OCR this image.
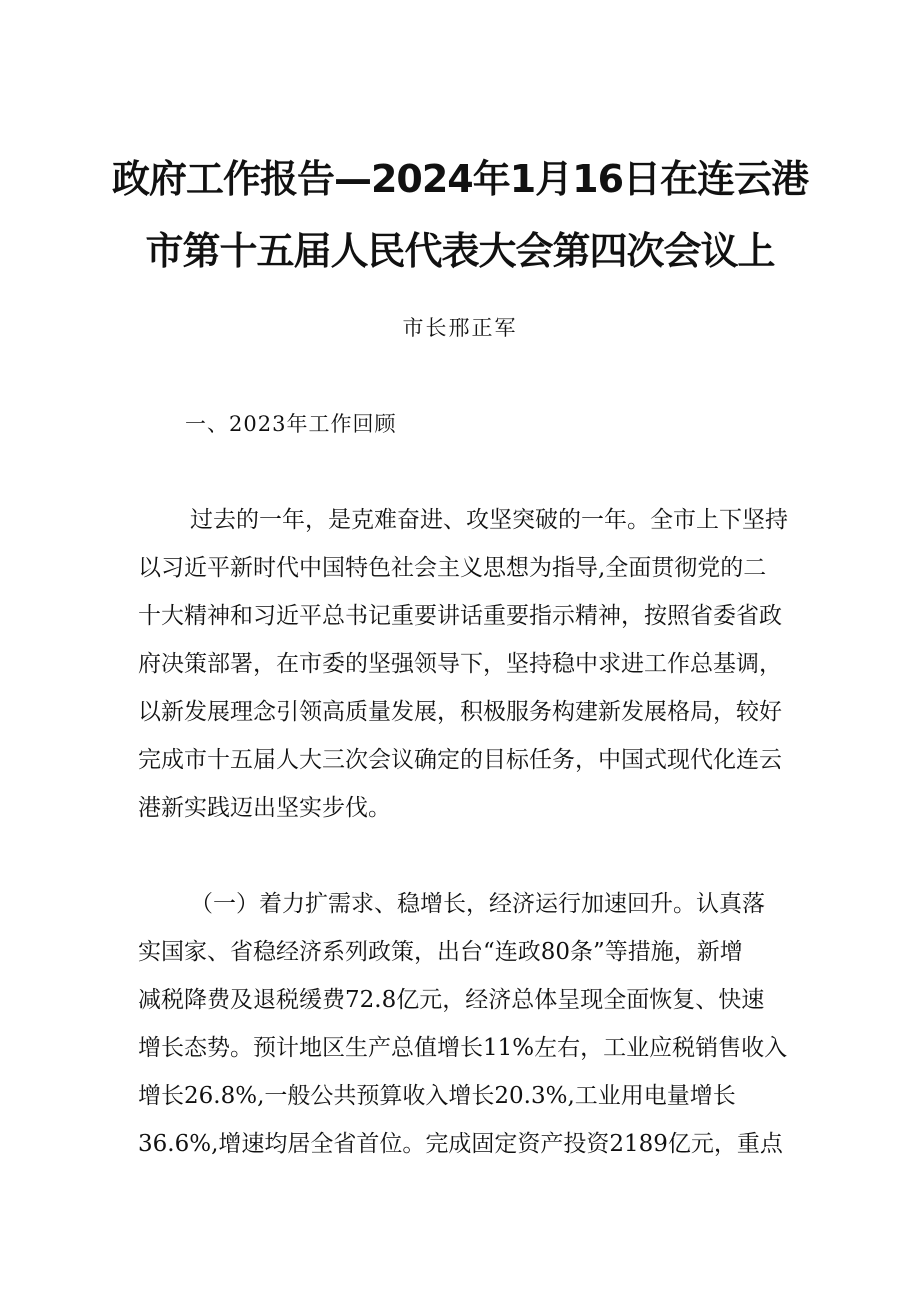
政府工作报告—2024年1月16日在连云港
市第十五届人民代表大会第四次会议上
市长邢正军
一、2023年工作回顾
过去的一年，是克难奋进、攻坚突破的一年。全市上下坚持
以习近平新时代中国特色社会主义思想为指导,全面贯彻党的二
十大精神和习近平总书记重要讲话重要指示精神，按照省委省政
府决策部署，在市委的坚强领导下，坚持稳中求进工作总基调，
以新发展理念引领高质量发展，积极服务构建新发展格局，较好
完成市十五届人大三次会议确定的目标任务，中国式现代化连云
港新实践迈出坚实步伐。
（一）着力扩需求、稳增长，经济运行加速回升。认真落
实国家、省稳经济系列政策，出台“连政80条”等措施，新增
减税降费及退税缓费72.8亿元，经济总体呈现全面恢复、快速
增长态势。预计地区生产总值增长11%左右，工业应税销售收入
增长26.8%,一般公共预算收入增长20.3%,工业用电量增长
36.6%,增速均居全省首位。完成固定资产投资2189亿元，重点
